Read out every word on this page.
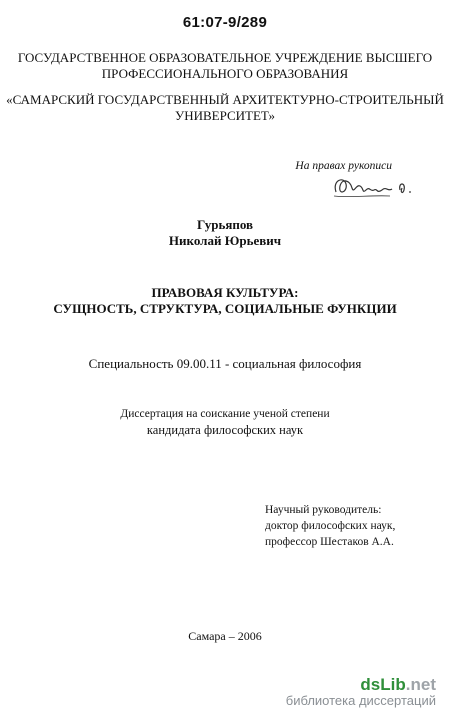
61:07-9/289
ГОСУДАРСТВЕННОЕ ОБРАЗОВАТЕЛЬНОЕ УЧРЕЖДЕНИЕ ВЫСШЕГО
ПРОФЕССИОНАЛЬНОГО ОБРАЗОВАНИЯ
«САМАРСКИЙ ГОСУДАРСТВЕННЫЙ АРХИТЕКТУРНО-СТРОИТЕЛЬНЫЙ
УНИВЕРСИТЕТ»
На правах рукописи
Гурьяпов
Николай Юрьевич
ПРАВОВАЯ КУЛЬТУРА:
СУЩНОСТЬ, СТРУКТУРА, СОЦИАЛЬНЫЕ ФУНКЦИИ
Специальность 09.00.11 - социальная философия
Диссертация на соискание ученой степени
кандидата философских наук
Научный руководитель:
доктор философских наук,
профессор Шестаков А.А.
Самара – 2006
dsLib.net
библиотека диссертаций
